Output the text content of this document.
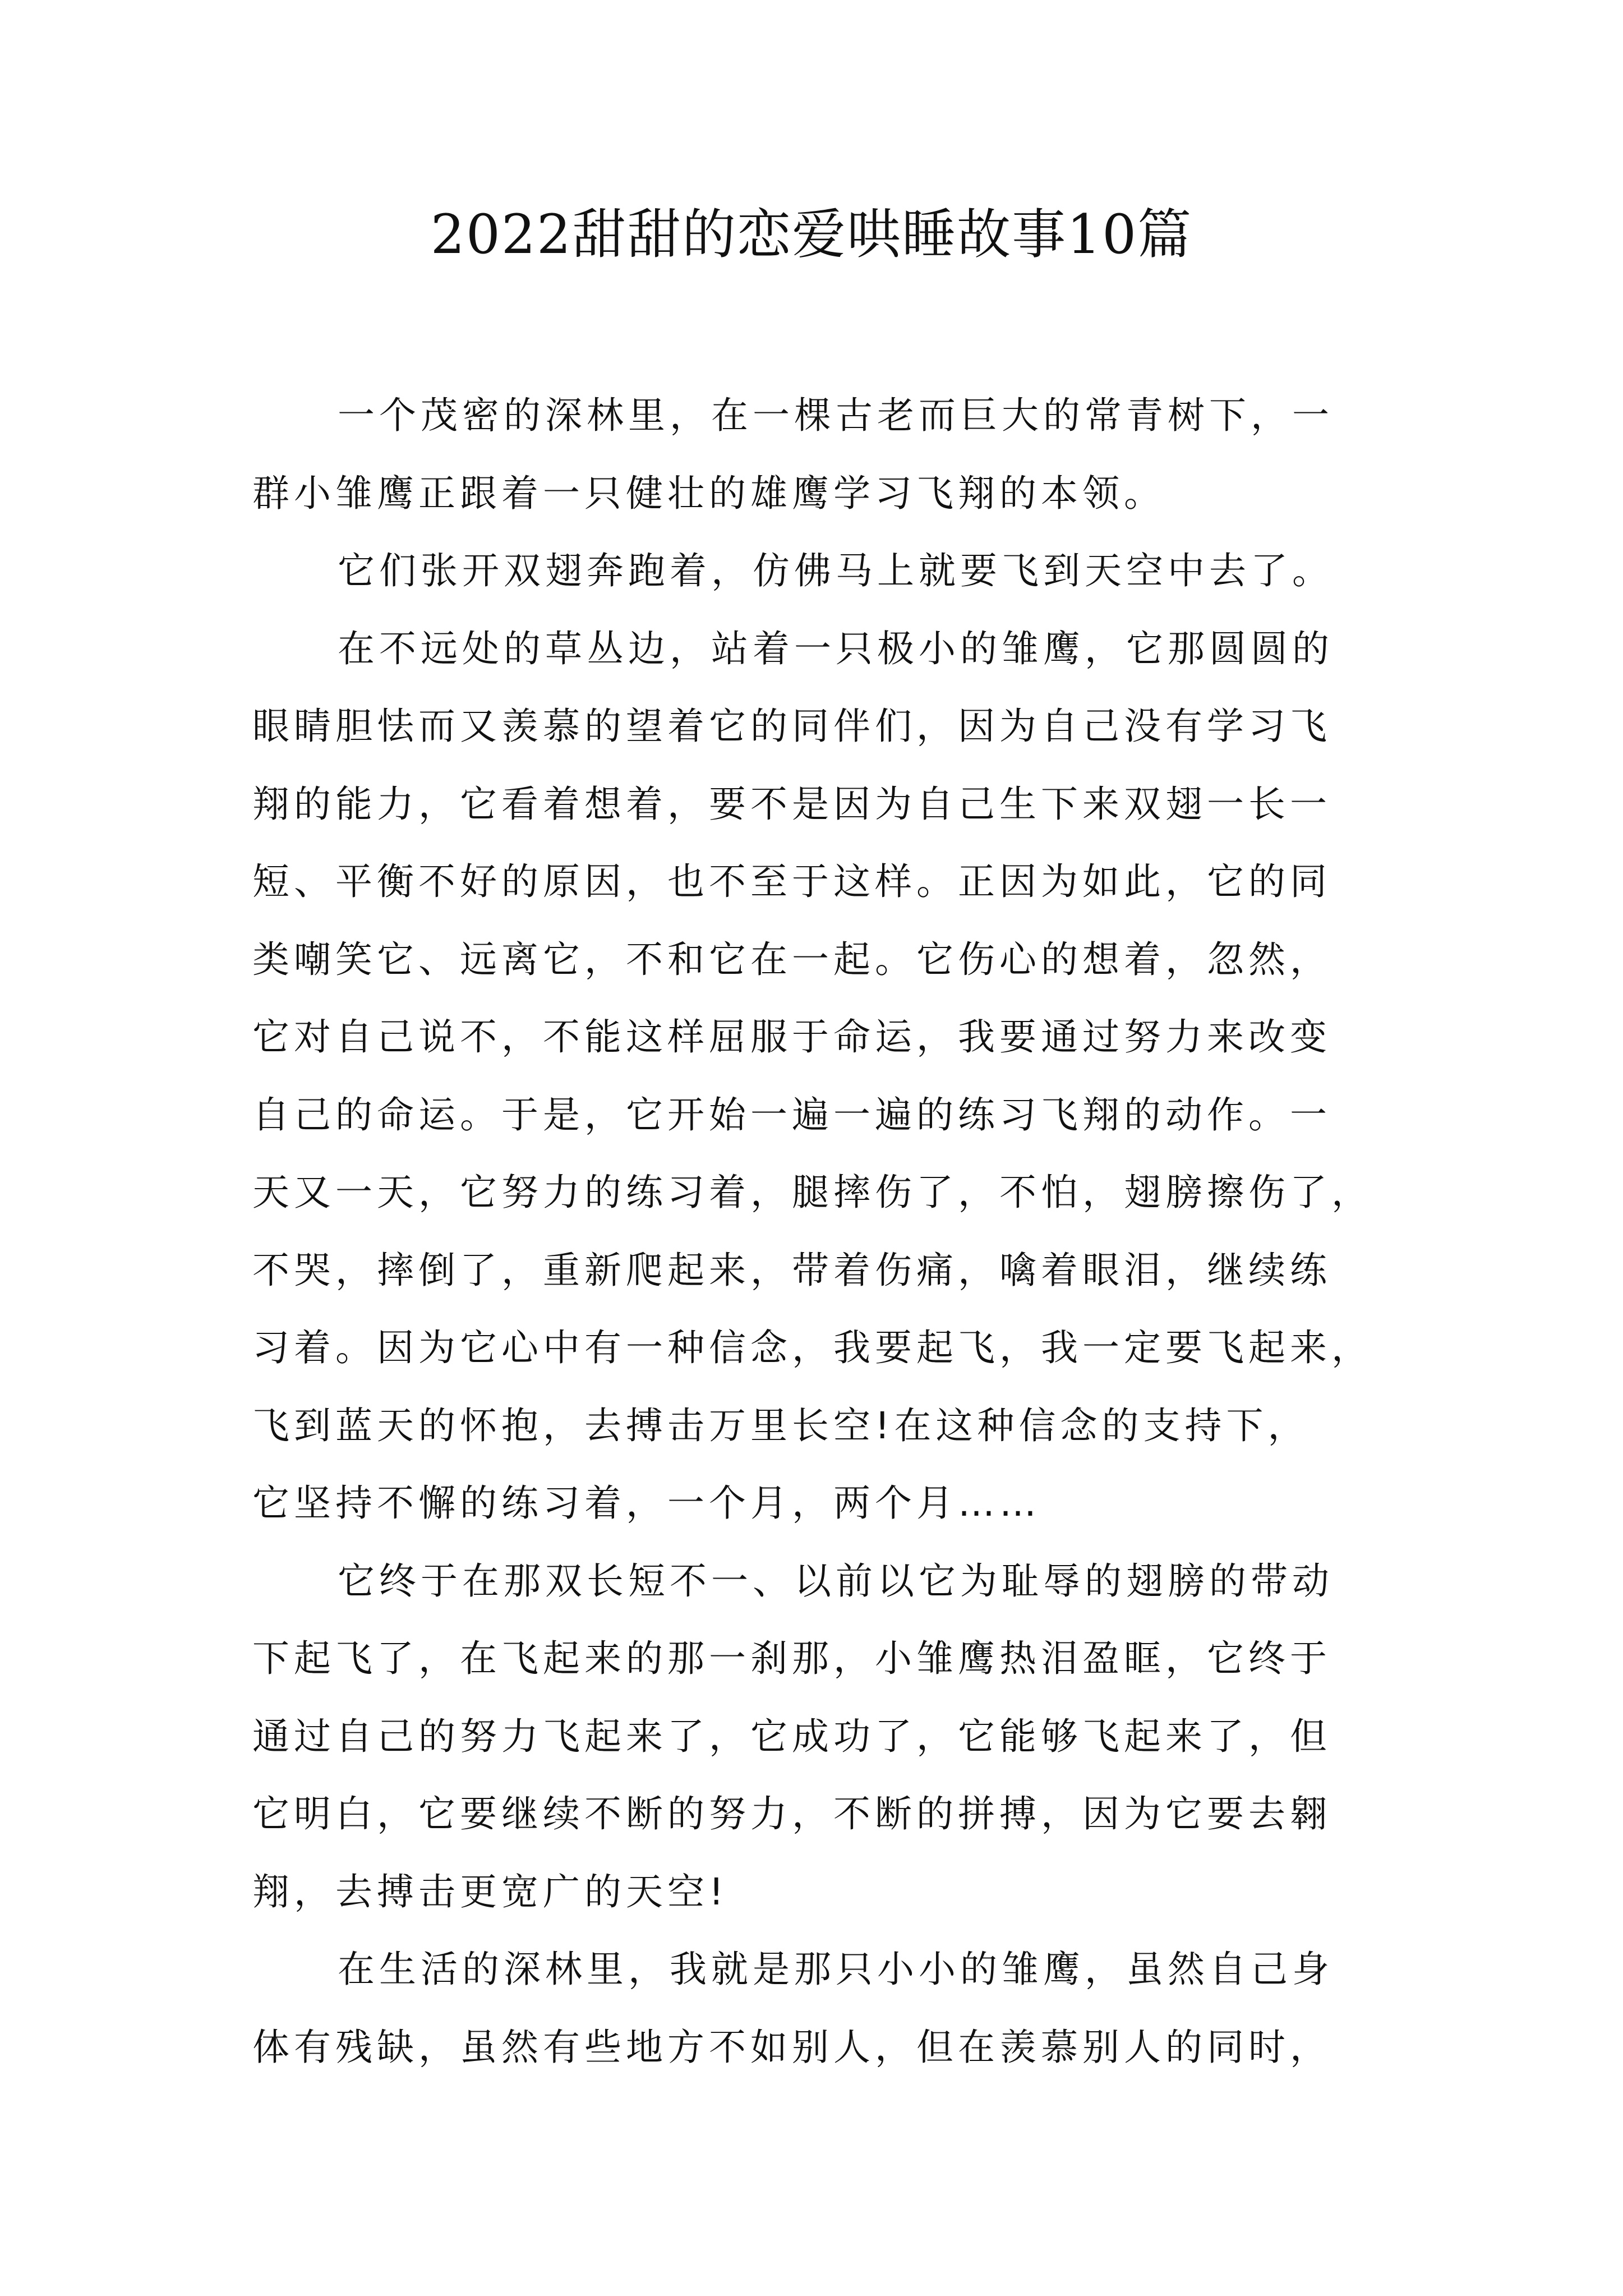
2022甜甜的恋爱哄睡故事10篇
一个茂密的深林里，在一棵古老而巨大的常青树下，一
群小雏鹰正跟着一只健壮的雄鹰学习飞翔的本领。
它们张开双翅奔跑着，仿佛马上就要飞到天空中去了。
在不远处的草丛边，站着一只极小的雏鹰，它那圆圆的
眼睛胆怯而又羡慕的望着它的同伴们，因为自己没有学习飞
翔的能力，它看着想着，要不是因为自己生下来双翅一长一
短、平衡不好的原因，也不至于这样。正因为如此，它的同
类嘲笑它、远离它，不和它在一起。它伤心的想着，忽然，
它对自己说不，不能这样屈服于命运，我要通过努力来改变
自己的命运。于是，它开始一遍一遍的练习飞翔的动作。一
天又一天，它努力的练习着，腿摔伤了，不怕，翅膀擦伤了，
不哭，摔倒了，重新爬起来，带着伤痛，噙着眼泪，继续练
习着。因为它心中有一种信念，我要起飞，我一定要飞起来，
飞到蓝天的怀抱，去搏击万里长空!在这种信念的支持下，
它坚持不懈的练习着，一个月，两个月……
它终于在那双长短不一、以前以它为耻辱的翅膀的带动
下起飞了，在飞起来的那一刹那，小雏鹰热泪盈眶，它终于
通过自己的努力飞起来了，它成功了，它能够飞起来了，但
它明白，它要继续不断的努力，不断的拼搏，因为它要去翱
翔，去搏击更宽广的天空!
在生活的深林里，我就是那只小小的雏鹰，虽然自己身
体有残缺，虽然有些地方不如别人，但在羡慕别人的同时，
